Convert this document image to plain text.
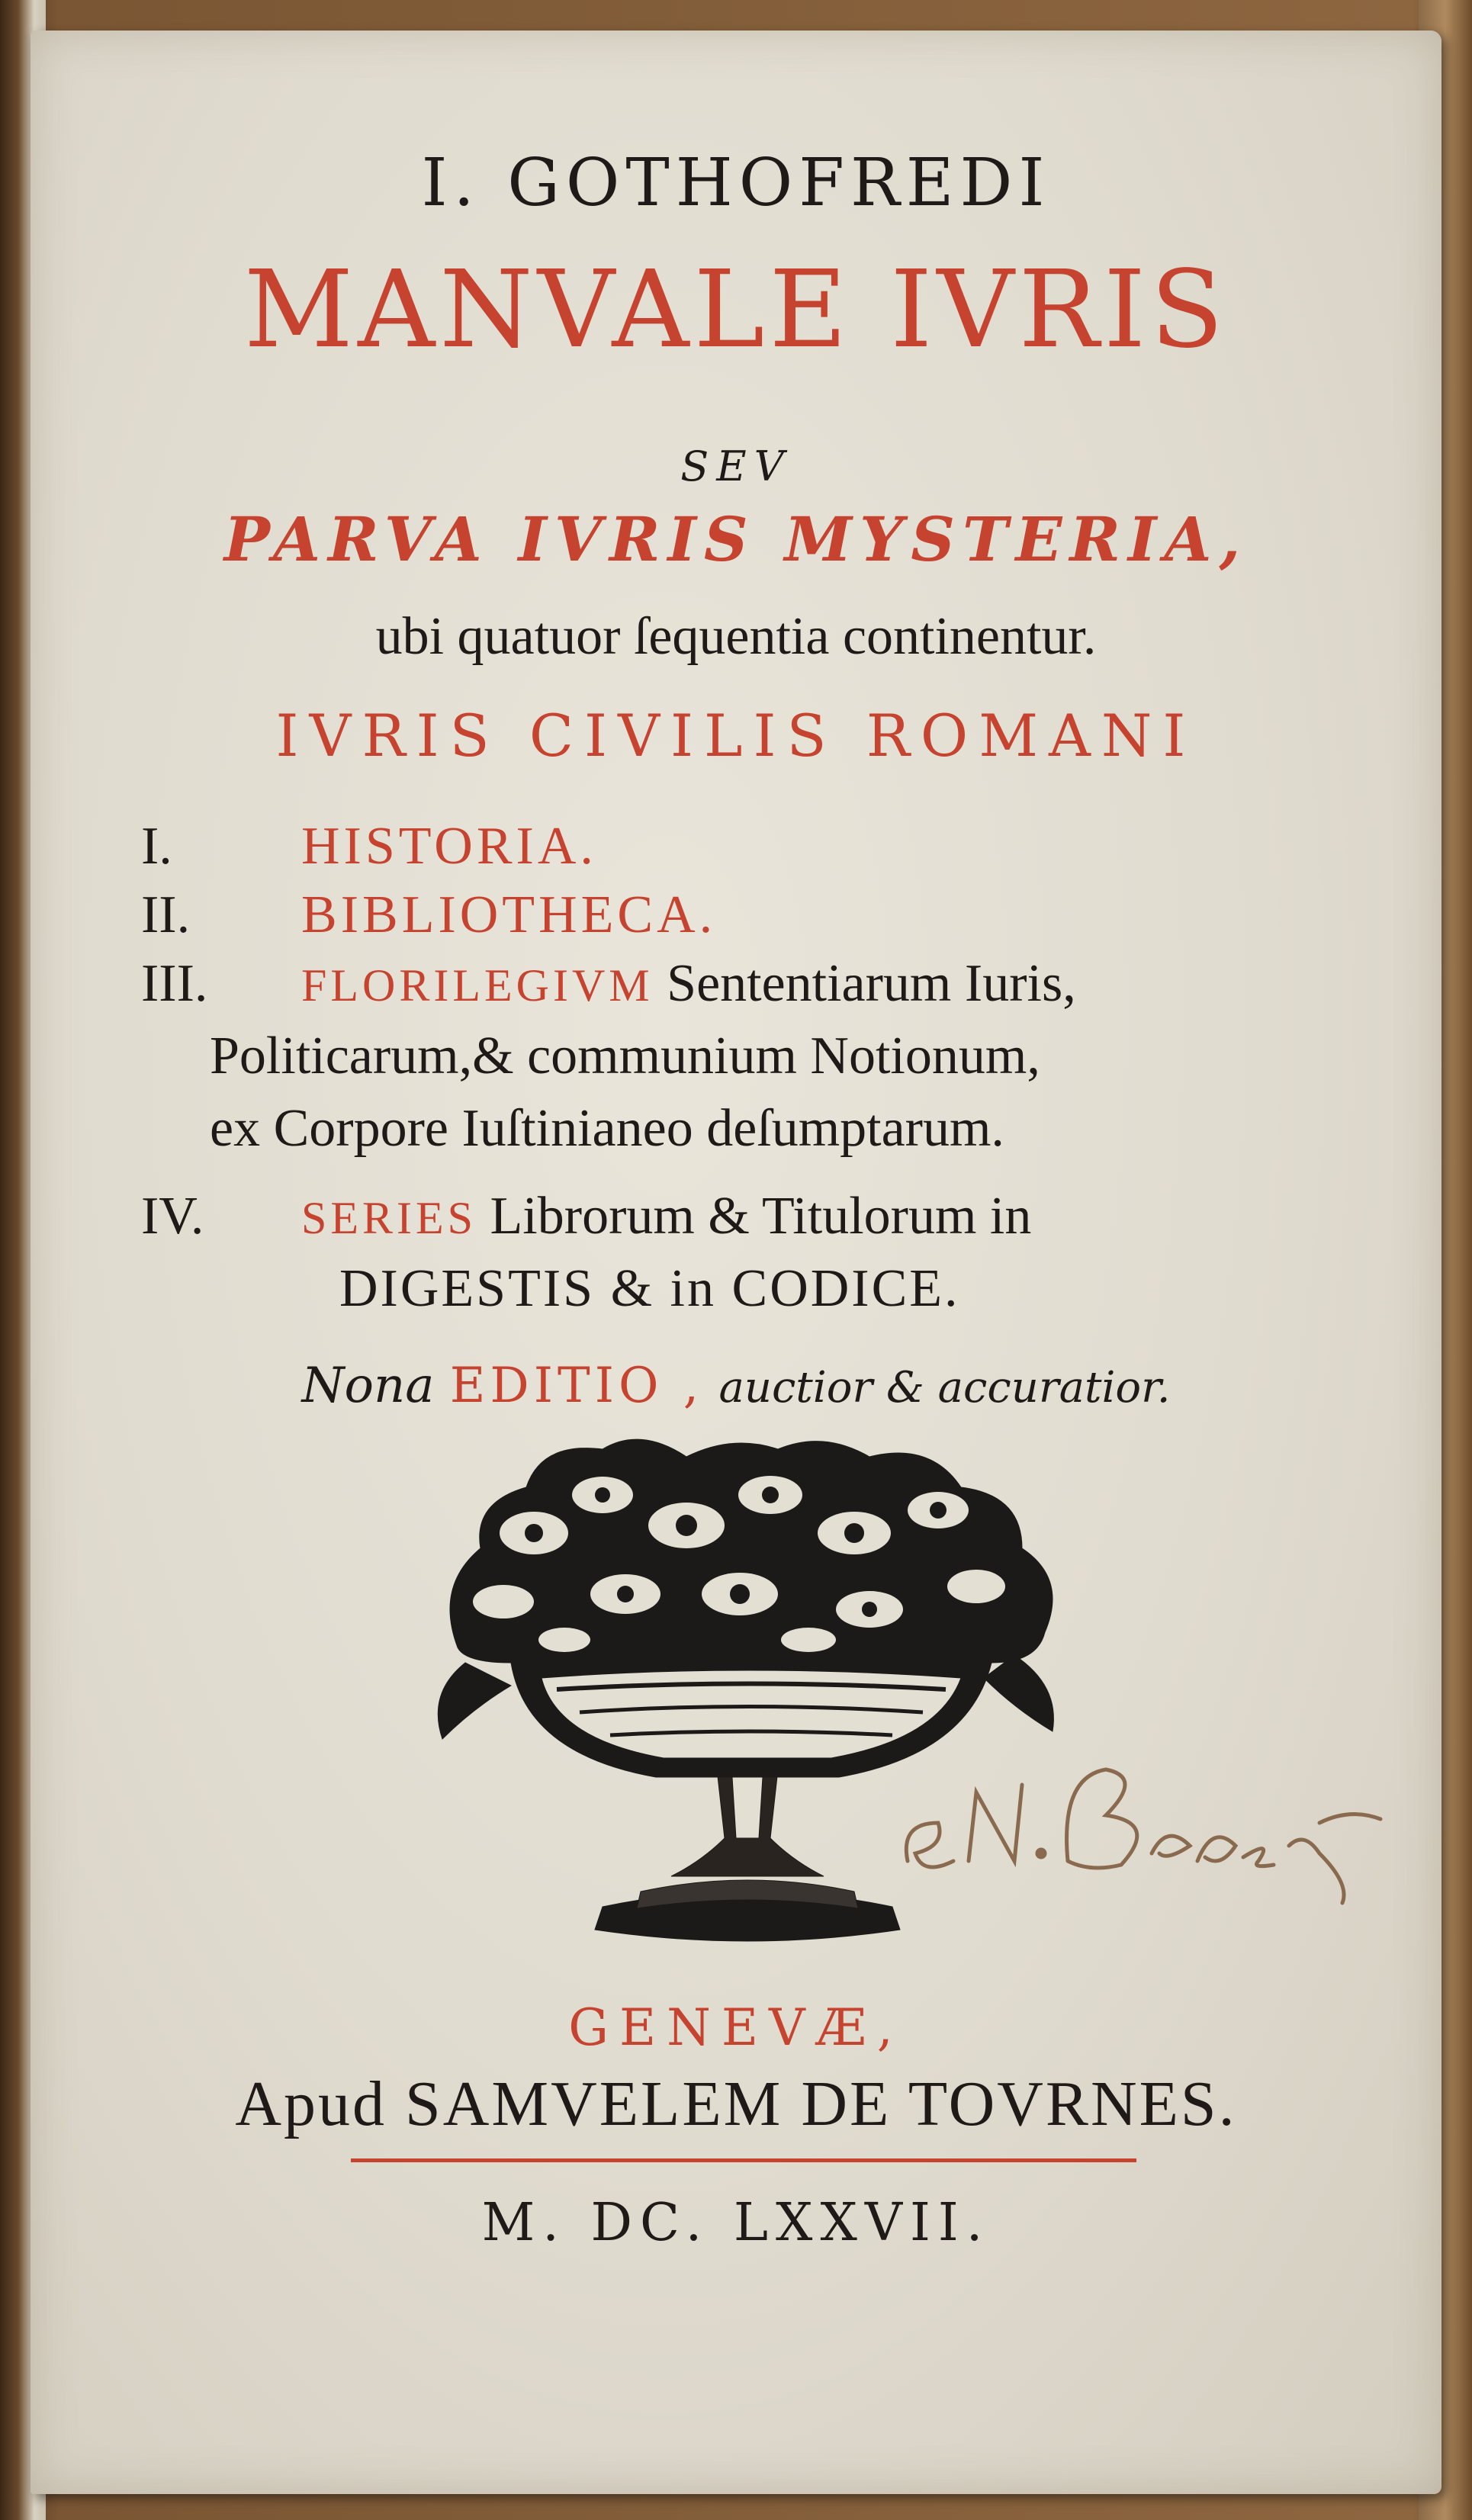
I. GOTHOFREDI
MANVALE IVRIS
SEV
PARVA IVRIS MYSTERIA,
ubi quatuor ſequentia continentur.
IVRIS CIVILIS ROMANI
I. HISTORIA.
II. BIBLIOTHECA.
III. FLORILEGIVM Sententiarum Iuris,
Politicarum,& communium Notionum,
ex Corpore Iuſtinianeo deſumptarum.
IV. SERIES Librorum & Titulorum in
DIGESTIS & in CODICE.
Nona EDITIO , auctior & accuratior.
GENEVÆ,
Apud SAMVELEM DE TOVRNES.
M. DC. LXXVII.
